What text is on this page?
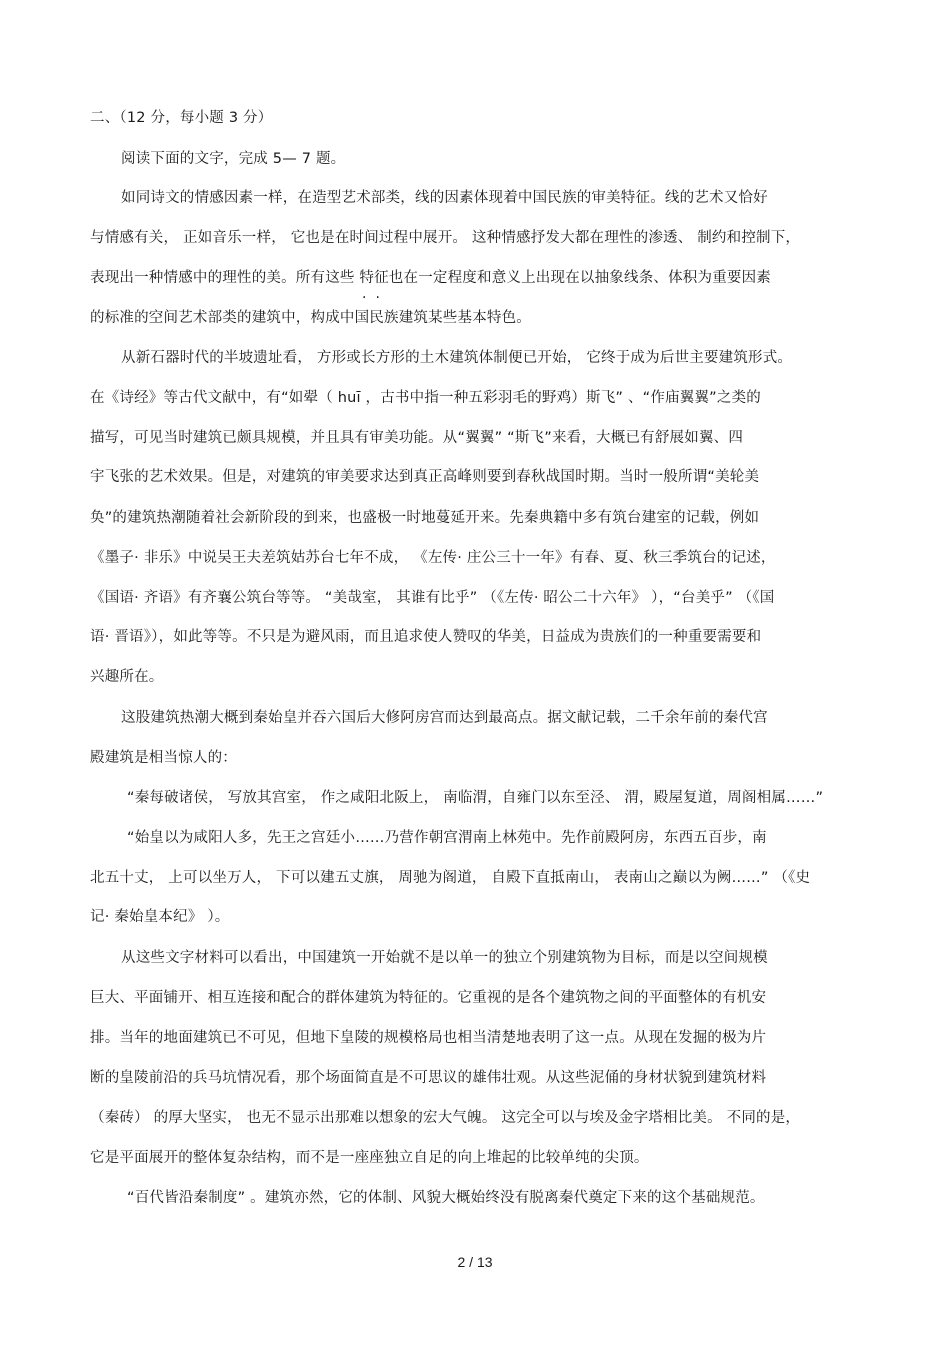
二、（12 分，每小题 3 分）
阅读下面的文字，完成 5— 7 题。
如同诗文的情感因素一样，在造型艺术部类，线的因素体现着中国民族的审美特征。线的艺术又恰好
与情感有关， 正如音乐一样， 它也是在时间过程中展开。 这种情感抒发大都在理性的渗透、 制约和控制下，
表现出一种情感中的理性的美。所有这些 特征也在一定程度和意义上出现在以抽象线条、体积为重要因素
..
的标准的空间艺术部类的建筑中，构成中国民族建筑某些基本特色。
从新石器时代的半坡遗址看， 方形或长方形的土木建筑体制便已开始， 它终于成为后世主要建筑形式。
在《诗经》等古代文献中，有“如翚（ huī ，古书中指一种五彩羽毛的野鸡）斯飞” 、“作庙翼翼”之类的
描写，可见当时建筑已颇具规模，并且具有审美功能。从“翼翼” “斯飞”来看，大概已有舒展如翼、四
宇飞张的艺术效果。但是，对建筑的审美要求达到真正高峰则要到春秋战国时期。当时一般所谓“美轮美
奂”的建筑热潮随着社会新阶段的到来，也盛极一时地蔓延开来。先秦典籍中多有筑台建室的记载，例如
《墨子· 非乐》中说吴王夫差筑姑苏台七年不成， 《左传· 庄公三十一年》有春、夏、秋三季筑台的记述，
《国语· 齐语》有齐襄公筑台等等。 “美哉室， 其谁有比乎” （《左传· 昭公二十六年》 ），“台美乎” （《国
语· 晋语》），如此等等。不只是为避风雨，而且追求使人赞叹的华美，日益成为贵族们的一种重要需要和
兴趣所在。
这股建筑热潮大概到秦始皇并吞六国后大修阿房宫而达到最高点。据文献记载，二千余年前的秦代宫
殿建筑是相当惊人的：
“秦每破诸侯， 写放其宫室， 作之咸阳北阪上， 南临渭，自雍门以东至泾、 渭，殿屋复道，周阁相属……”
“始皇以为咸阳人多，先王之宫廷小……乃营作朝宫渭南上林苑中。先作前殿阿房，东西五百步，南
北五十丈， 上可以坐万人， 下可以建五丈旗， 周驰为阁道， 自殿下直抵南山， 表南山之巅以为阙……” （《史
记· 秦始皇本纪》 ）。
从这些文字材料可以看出，中国建筑一开始就不是以单一的独立个别建筑物为目标，而是以空间规模
巨大、平面铺开、相互连接和配合的群体建筑为特征的。它重视的是各个建筑物之间的平面整体的有机安
排。当年的地面建筑已不可见，但地下皇陵的规模格局也相当清楚地表明了这一点。从现在发掘的极为片
断的皇陵前沿的兵马坑情况看，那个场面简直是不可思议的雄伟壮观。从这些泥俑的身材状貌到建筑材料
（秦砖） 的厚大坚实， 也无不显示出那难以想象的宏大气魄。 这完全可以与埃及金字塔相比美。 不同的是，
它是平面展开的整体复杂结构，而不是一座座独立自足的向上堆起的比较单纯的尖顶。
“百代皆沿秦制度” 。建筑亦然，它的体制、风貌大概始终没有脱离秦代奠定下来的这个基础规范。
2 / 13
